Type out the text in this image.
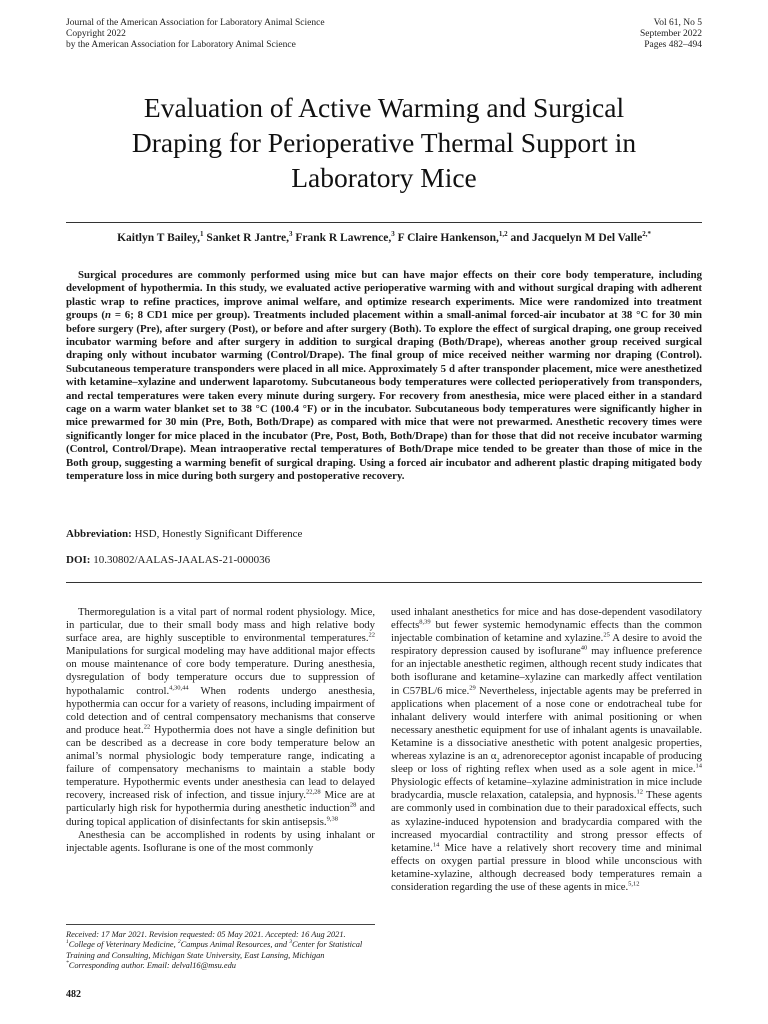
Journal of the American Association for Laboratory Animal Science
Copyright 2022
by the American Association for Laboratory Animal Science
Vol 61, No 5
September 2022
Pages 482–494
Evaluation of Active Warming and Surgical
Draping for Perioperative Thermal Support in
Laboratory Mice
Kaitlyn T Bailey,$^1$ Sanket R Jantre,$^3$ Frank R Lawrence,$^3$ F Claire Hankenson,$^{1,2}$ and Jacquelyn M Del Valle$^{2,*}$
Surgical procedures are commonly performed using mice but can have major effects on their core body temperature, including development of hypothermia. In this study, we evaluated active perioperative warming with and without surgical draping with adherent plastic wrap to refine practices, improve animal welfare, and optimize research experiments. Mice were randomized into treatment groups (n = 6; 8 CD1 mice per group). Treatments included placement within a small-animal forced-air incubator at 38 °C for 30 min before surgery (Pre), after surgery (Post), or before and after surgery (Both). To explore the effect of surgical draping, one group received incubator warming before and after surgery in addition to surgical draping (Both/Drape), whereas another group received surgical draping only without incubator warming (Control/Drape). The final group of mice received neither warming nor draping (Control). Subcutaneous temperature transponders were placed in all mice. Approximately 5 d after transponder placement, mice were anesthetized with ketamine–xylazine and underwent laparotomy. Subcutaneous body temperatures were collected perioperatively from transponders, and rectal temperatures were taken every minute during surgery. For recovery from anesthesia, mice were placed either in a standard cage on a warm water blanket set to 38 °C (100.4 °F) or in the incubator. Subcutaneous body temperatures were significantly higher in mice prewarmed for 30 min (Pre, Both, Both/Drape) as compared with mice that were not prewarmed. Anesthetic recovery times were significantly longer for mice placed in the incubator (Pre, Post, Both, Both/Drape) than for those that did not receive incubator warming (Control, Control/Drape). Mean intraoperative rectal temperatures of Both/Drape mice tended to be greater than those of mice in the Both group, suggesting a warming benefit of surgical draping. Using a forced air incubator and adherent plastic draping mitigated body temperature loss in mice during both surgery and postoperative recovery.
Abbreviation: HSD, Honestly Significant Difference
DOI: 10.30802/AALAS-JAALAS-21-000036

Thermoregulation is a vital part of normal rodent physiology. Mice, in particular, due to their small body mass and high relative body surface area, are highly susceptible to environmental temperatures.$^{22}$ Manipulations for surgical modeling may have additional major effects on mouse maintenance of core body temperature. During anesthesia, dysregulation of body temperature occurs due to suppression of hypothalamic control.$^{4,30,44}$ When rodents undergo anesthesia, hypothermia can occur for a variety of reasons, including impairment of cold detection and of central compensatory mechanisms that conserve and produce heat.$^{22}$ Hypothermia does not have a single definition but can be described as a decrease in core body temperature below an animal’s normal physiologic body temperature range, indicating a failure of compensatory mechanisms to maintain a stable body temperature. Hypothermic events under anesthesia can lead to delayed recovery, increased risk of infection, and tissue injury.$^{22,28}$ Mice are at particularly high risk for hypothermia during anesthetic induction$^{28}$ and during topical application of disinfectants for skin antisepsis.$^{9,38}$

Anesthesia can be accomplished in rodents by using inhalant or injectable agents. Isoflurane is one of the most commonly

used inhalant anesthetics for mice and has dose-dependent vasodilatory effects$^{8,39}$ but fewer systemic hemodynamic effects than the common injectable combination of ketamine and xylazine.$^{25}$ A desire to avoid the respiratory depression caused by isoflurane$^{40}$ may influence preference for an injectable anesthetic regimen, although recent study indicates that both isoflurane and ketamine–xylazine can markedly affect ventilation in C57BL/6 mice.$^{29}$ Nevertheless, injectable agents may be preferred in applications when placement of a nose cone or endotracheal tube for inhalant delivery would interfere with animal positioning or when necessary anesthetic equipment for use of inhalant agents is unavailable. Ketamine is a dissociative anesthetic with potent analgesic properties, whereas xylazine is an $\alpha_2$ adrenoreceptor agonist incapable of producing sleep or loss of righting reflex when used as a sole agent in mice.$^{14}$ Physiologic effects of ketamine–xylazine administration in mice include bradycardia, muscle relaxation, catalepsia, and hypnosis.$^{12}$ These agents are commonly used in combination due to their paradoxical effects, such as xylazine-induced hypotension and bradycardia compared with the increased myocardial contractility and strong pressor effects of ketamine.$^{14}$ Mice have a relatively short recovery time and minimal effects on oxygen partial pressure in blood while unconscious with ketamine-xylazine, although decreased body temperatures remain a consideration regarding the use of these agents in mice.$^{5,12}$

Received: 17 Mar 2021. Revision requested: 05 May 2021. Accepted: 16 Aug 2021.
$^1$College of Veterinary Medicine, $^2$Campus Animal Resources, and $^3$Center for Statistical Training and Consulting, Michigan State University, East Lansing, Michigan
*Corresponding author. Email: delval16@msu.edu
482
